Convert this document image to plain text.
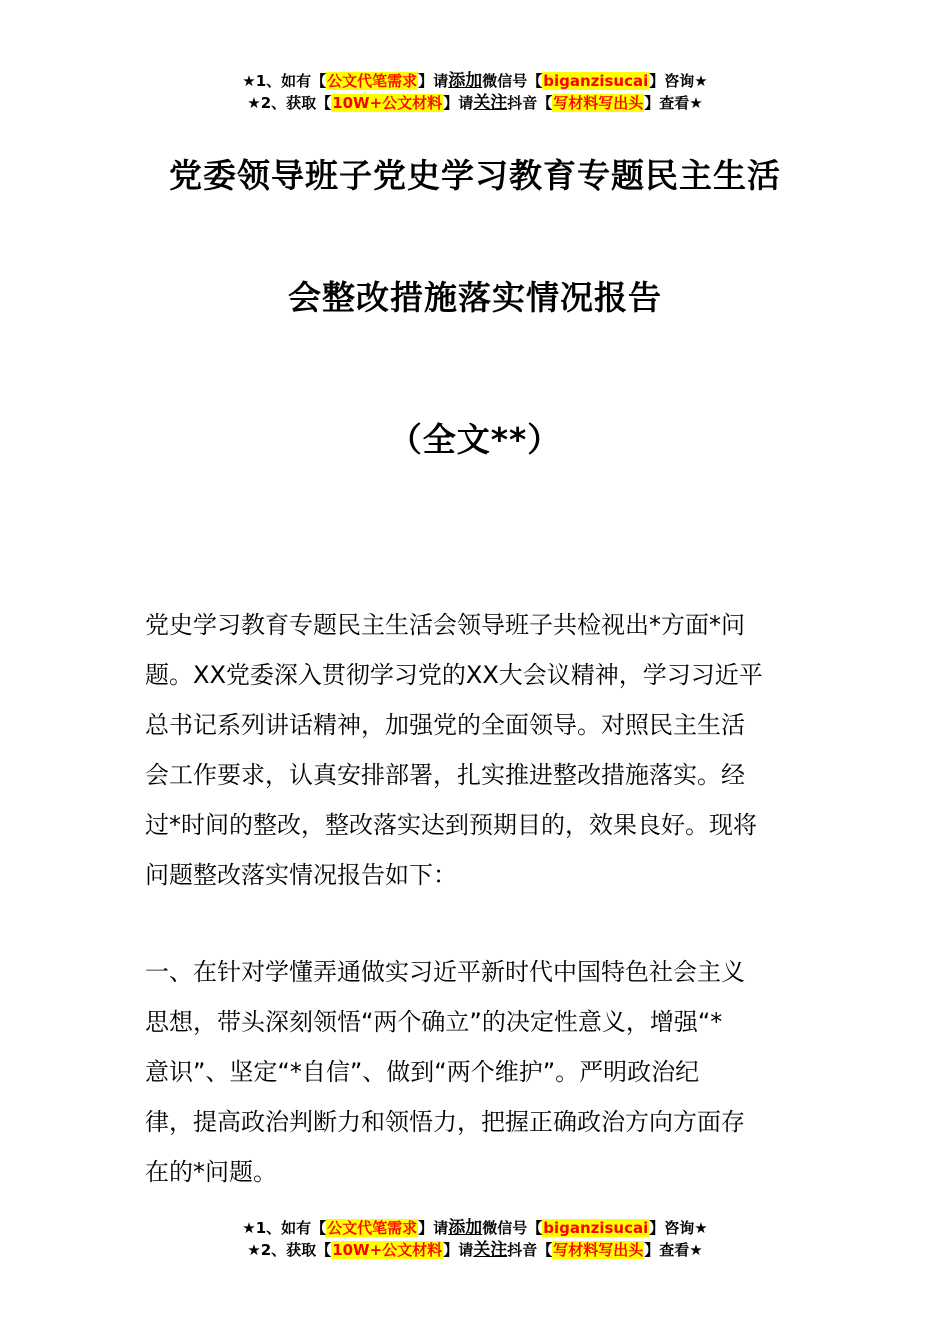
★1、如有【公文代笔需求】请添加微信号【biganzisucai】咨询★
★2、获取【10W+公文材料】请关注抖音【写材料写出头】查看★
党委领导班子党史学习教育专题民主生活
会整改措施落实情况报告
（全文**）

党史学习教育专题民主生活会领导班子共检视出*方面*问
题。XX党委深入贯彻学习党的XX大会议精神，学习习近平
总书记系列讲话精神，加强党的全面领导。对照民主生活
会工作要求，认真安排部署，扎实推进整改措施落实。经
过*时间的整改，整改落实达到预期目的，效果良好。现将
问题整改落实情况报告如下：

一、在针对学懂弄通做实习近平新时代中国特色社会主义
思想，带头深刻领悟“两个确立”的决定性意义，增强“*
意识”、坚定“*自信”、做到“两个维护”。严明政治纪
律，提高政治判断力和领悟力，把握正确政治方向方面存
在的*问题。

★1、如有【公文代笔需求】请添加微信号【biganzisucai】咨询★
★2、获取【10W+公文材料】请关注抖音【写材料写出头】查看★
